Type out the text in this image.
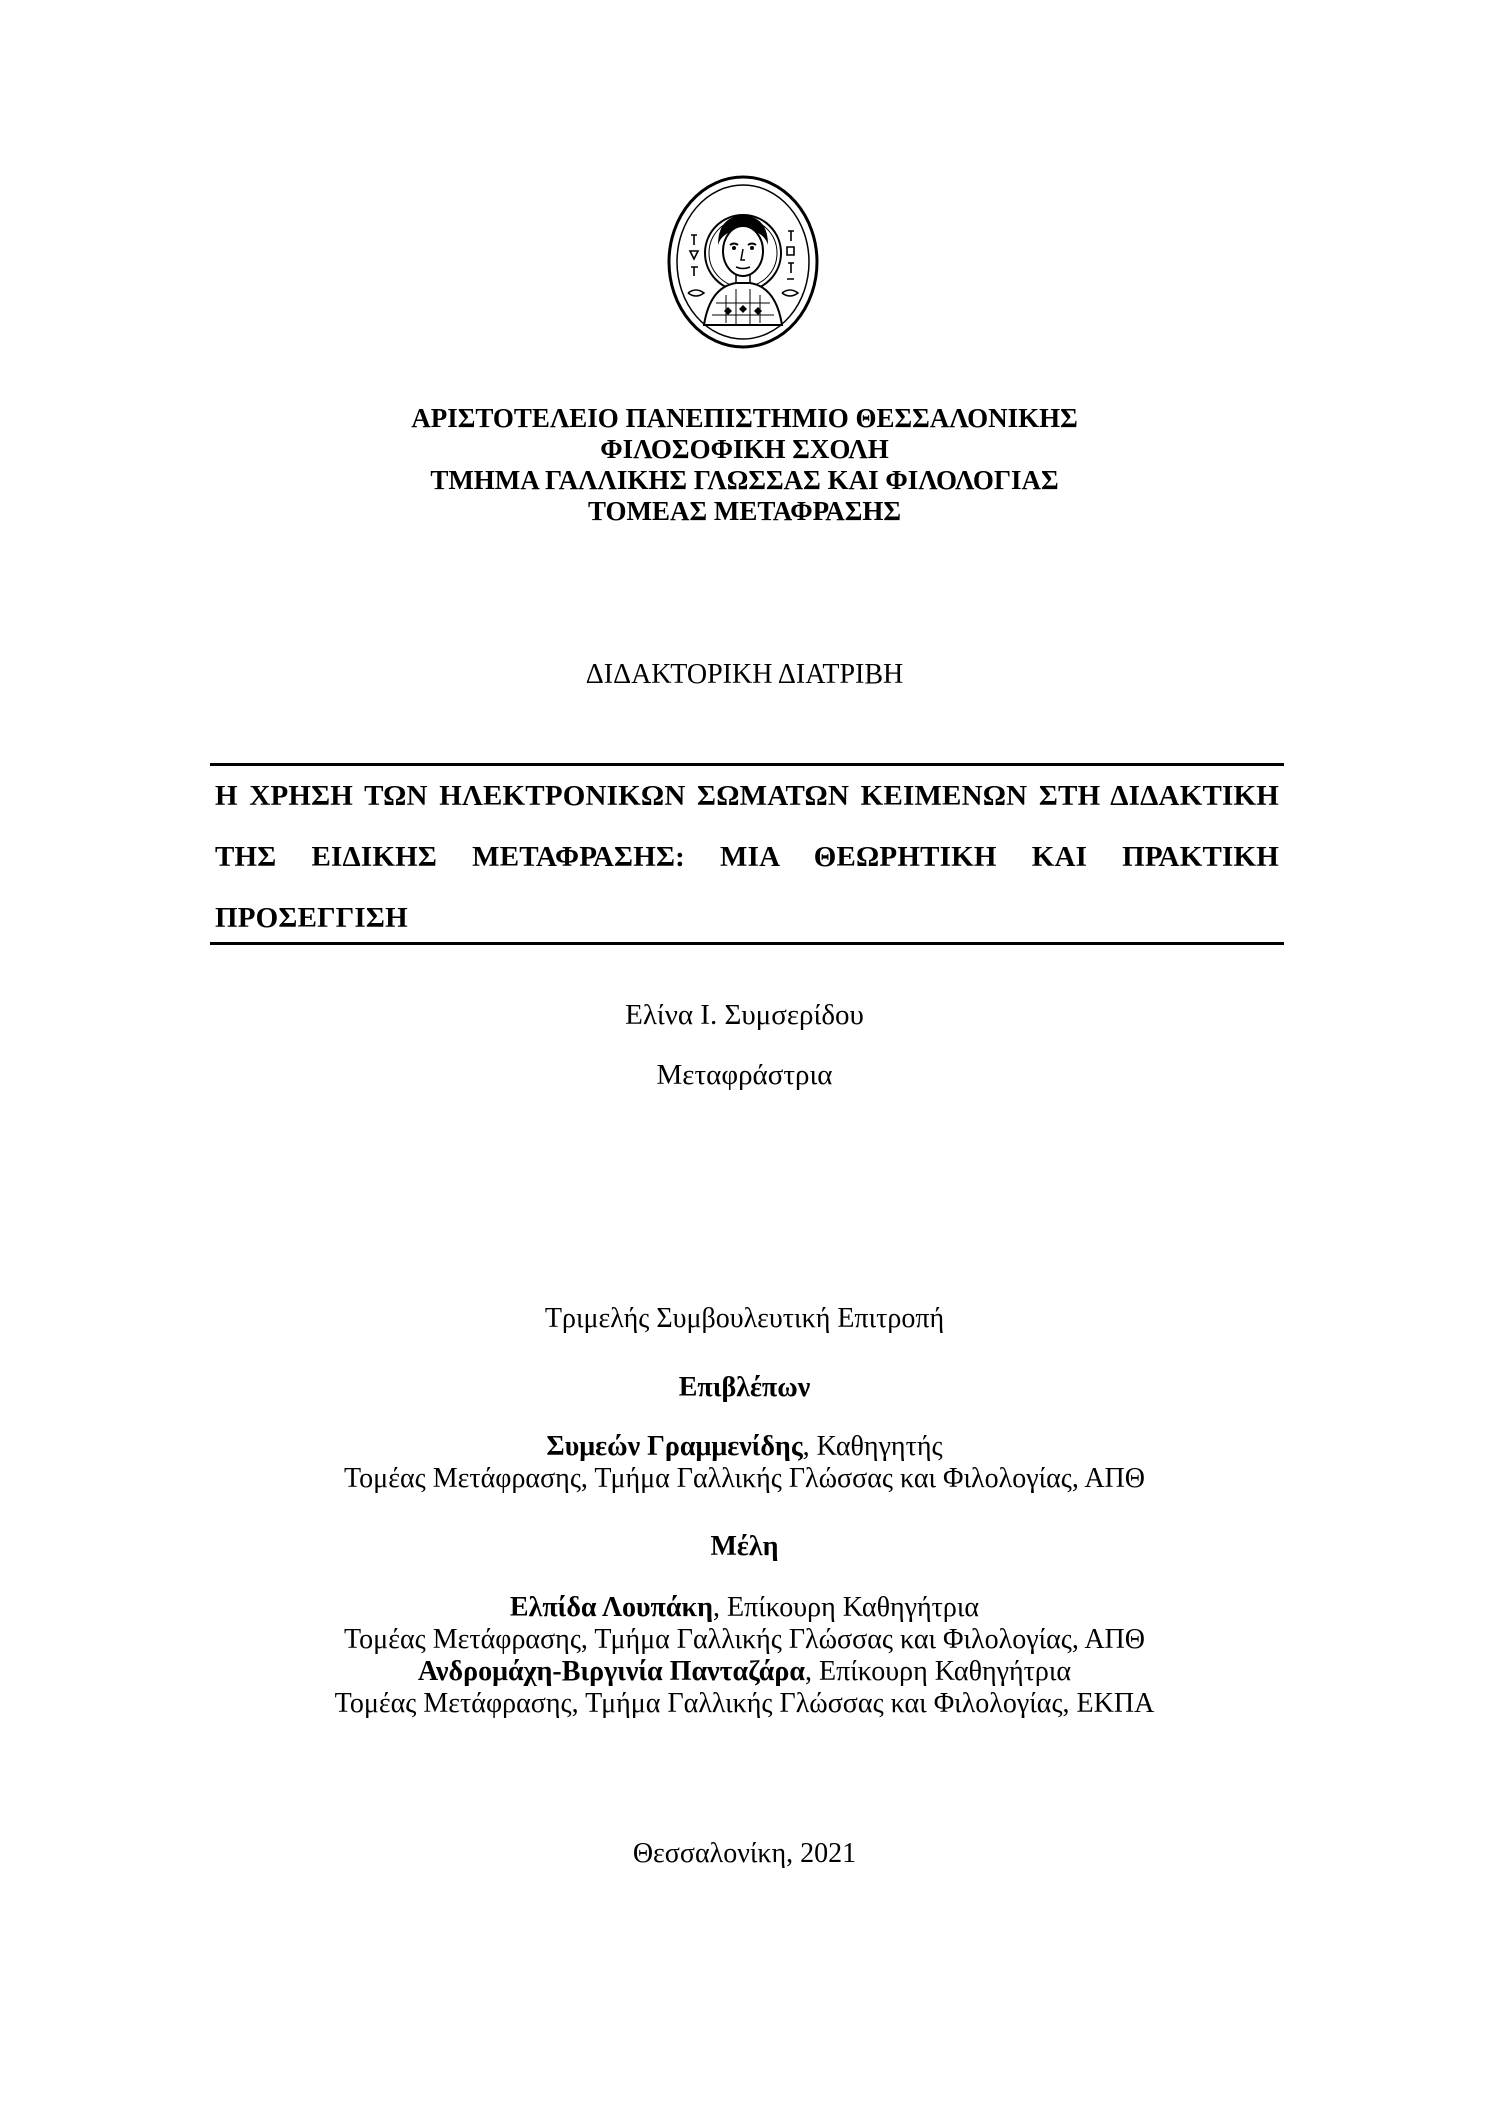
ΑΡΙΣΤΟΤΕΛΕΙΟ ΠΑΝΕΠΙΣΤΗΜΙΟ ΘΕΣΣΑΛΟΝΙΚΗΣ
ΦΙΛΟΣΟΦΙΚΗ ΣΧΟΛΗ
ΤΜΗΜΑ ΓΑΛΛΙΚΗΣ ΓΛΩΣΣΑΣ ΚΑΙ ΦΙΛΟΛΟΓΙΑΣ
ΤΟΜΕΑΣ ΜΕΤΑΦΡΑΣΗΣ
ΔΙΔΑΚΤΟΡΙΚΗ ΔΙΑΤΡΙΒΗ
Η ΧΡΗΣΗ ΤΩΝ ΗΛΕΚΤΡΟΝΙΚΩΝ ΣΩΜΑΤΩΝ ΚΕΙΜΕΝΩΝ ΣΤΗ ΔΙΔΑΚΤΙΚΗ ΤΗΣ ΕΙΔΙΚΗΣ ΜΕΤΑΦΡΑΣΗΣ: ΜΙΑ ΘΕΩΡΗΤΙΚΗ ΚΑΙ ΠΡΑΚΤΙΚΗ ΠΡΟΣΕΓΓΙΣΗ
Ελίνα Ι. Συμσερίδου
Μεταφράστρια
Τριμελής Συμβουλευτική Επιτροπή
Επιβλέπων
Συμεών Γραμμενίδης, Καθηγητής
Τομέας Μετάφρασης, Τμήμα Γαλλικής Γλώσσας και Φιλολογίας, ΑΠΘ
Μέλη
Ελπίδα Λουπάκη, Επίκουρη Καθηγήτρια
Τομέας Μετάφρασης, Τμήμα Γαλλικής Γλώσσας και Φιλολογίας, ΑΠΘ
Ανδρομάχη-Βιργινία Πανταζάρα, Επίκουρη Καθηγήτρια
Τομέας Μετάφρασης, Τμήμα Γαλλικής Γλώσσας και Φιλολογίας, ΕΚΠΑ
Θεσσαλονίκη, 2021
